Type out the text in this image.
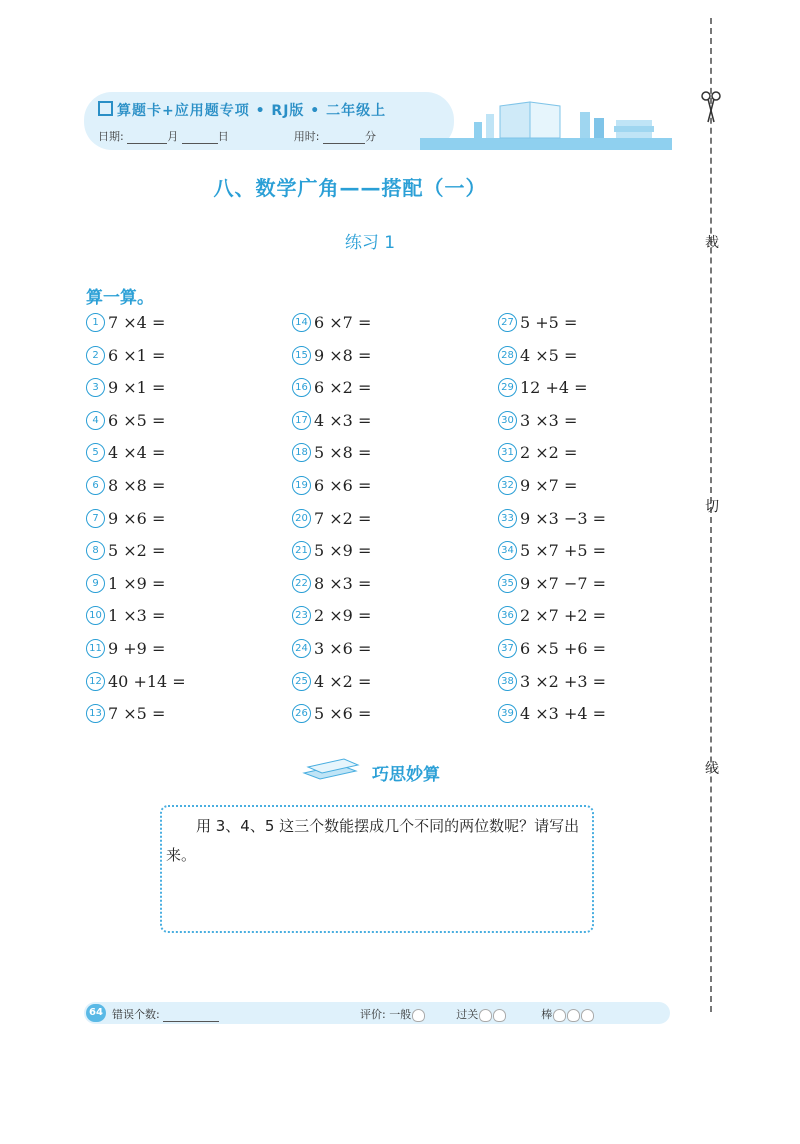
算题卡+应用题专项 • RJ版 • 二年级上
日期:	月	日	用时:	分
裁
切
线
八、数学广角——搭配（一）
练习 1
算一算。
1 7 ×4 =
2 6 ×1 =
3 9 ×1 =
4 6 ×5 =
5 4 ×4 =
6 8 ×8 =
7 9 ×6 =
8 5 ×2 =
9 1 ×9 =
10 1 ×3 =
11 9 +9 =
12 40 +14 =
13 7 ×5 =
14 6 ×7 =
15 9 ×8 =
16 6 ×2 =
17 4 ×3 =
18 5 ×8 =
19 6 ×6 =
20 7 ×2 =
21 5 ×9 =
22 8 ×3 =
23 2 ×9 =
24 3 ×6 =
25 4 ×2 =
26 5 ×6 =
27 5 +5 =
28 4 ×5 =
29 12 +4 =
30 3 ×3 =
31 2 ×2 =
32 9 ×7 =
33 9 ×3 −3 =
34 5 ×7 +5 =
35 9 ×7 −7 =
36 2 ×7 +2 =
37 6 ×5 +6 =
38 3 ×2 +3 =
39 4 ×3 +4 =
巧思妙算
用 3、4、5 这三个数能摆成几个不同的两位数呢？请写出来。
64 错误个数:	评价: 一般	过关	棒
